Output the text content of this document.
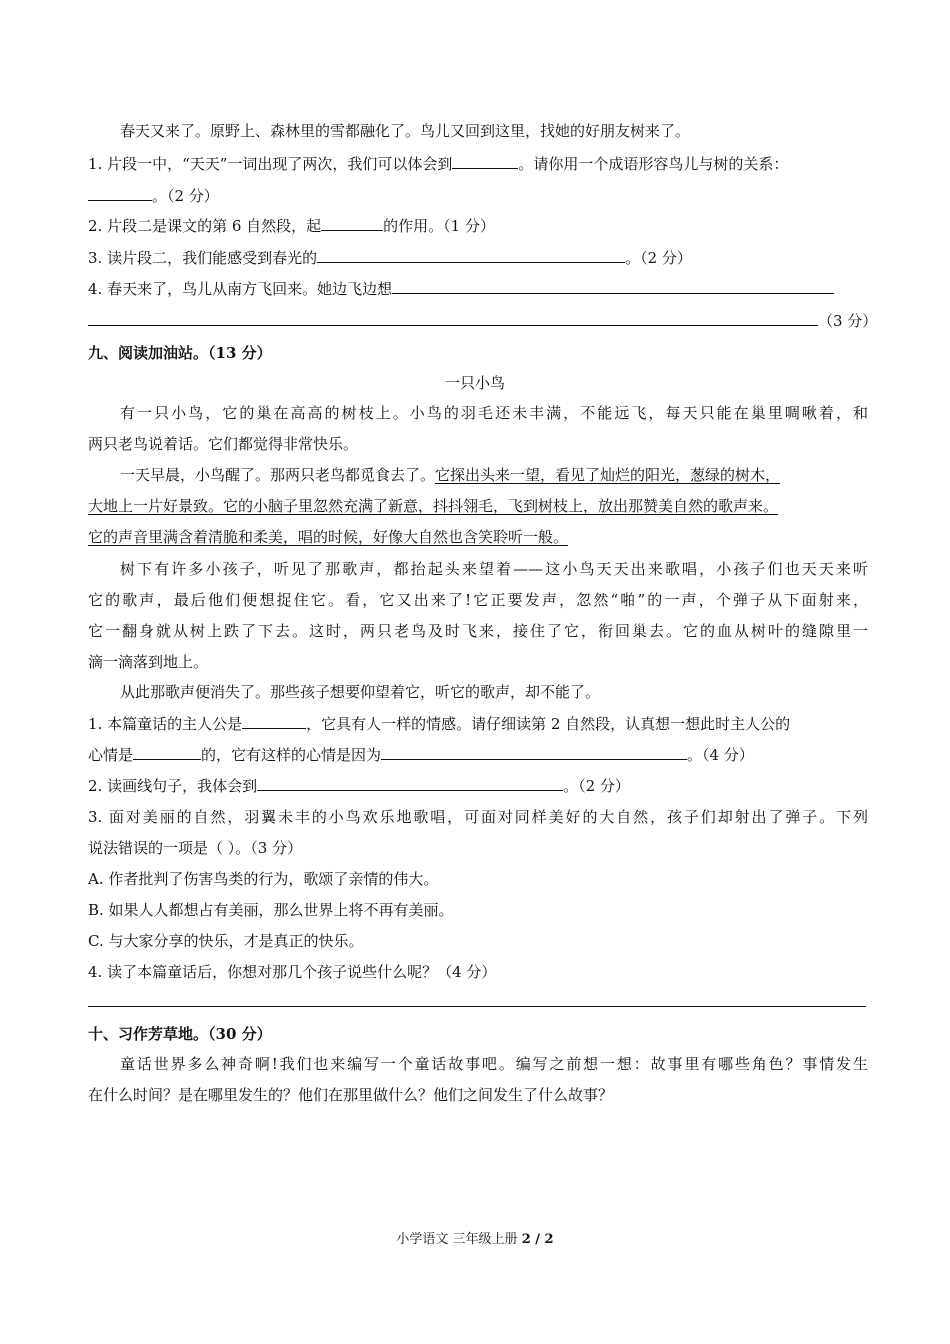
春天又来了。原野上、森林里的雪都融化了。鸟儿又回到这里，找她的好朋友树来了。
1. 片段一中，“天天”一词出现了两次，我们可以体会到	。请你用一个成语形容鸟儿与树的关系：
。（2 分）
2. 片段二是课文的第 6 自然段，起	的作用。（1 分）
3. 读片段二，我们能感受到春光的	。（2 分）
4. 春天来了，鸟儿从南方飞回来。她边飞边想
（3 分）
九、阅读加油站。（13 分）
一只小鸟
有一只小鸟，它的巢在高高的树枝上。小鸟的羽毛还未丰满，不能远飞，每天只能在巢里啁啾着，和
两只老鸟说着话。它们都觉得非常快乐。
一天早晨，小鸟醒了。那两只老鸟都觅食去了。它探出头来一望，看见了灿烂的阳光，葱绿的树木，
大地上一片好景致。它的小脑子里忽然充满了新意，抖抖翎毛，飞到树枝上，放出那赞美自然的歌声来。
它的声音里满含着清脆和柔美，唱的时候，好像大自然也含笑聆听一般。
树下有许多小孩子，听见了那歌声，都抬起头来望着——这小鸟天天出来歌唱，小孩子们也天天来听
它的歌声，最后他们便想捉住它。看，它又出来了!它正要发声，忽然“啪”的一声，个弹子从下面射来，
它一翻身就从树上跌了下去。这时，两只老鸟及时飞来，接住了它，衔回巢去。它的血从树叶的缝隙里一
滴一滴落到地上。
从此那歌声便消失了。那些孩子想要仰望着它，听它的歌声，却不能了。
1. 本篇童话的主人公是	，它具有人一样的情感。请仔细读第 2 自然段，认真想一想此时主人公的
心情是	的，它有这样的心情是因为	。（4 分）
2. 读画线句子，我体会到	。（2 分）
3. 面对美丽的自然，羽翼未丰的小鸟欢乐地歌唱，可面对同样美好的大自然，孩子们却射出了弹子。下列
说法错误的一项是（ ）。（3 分）
A. 作者批判了伤害鸟类的行为，歌颂了亲情的伟大。
B. 如果人人都想占有美丽，那么世界上将不再有美丽。
C. 与大家分享的快乐，才是真正的快乐。
4. 读了本篇童话后，你想对那几个孩子说些什么呢？（4 分）
十、习作芳草地。（30 分）
童话世界多么神奇啊!我们也来编写一个童话故事吧。编写之前想一想：故事里有哪些角色？事情发生
在什么时间？是在哪里发生的？他们在那里做什么？他们之间发生了什么故事？
小学语文 三年级上册 2 / 2
